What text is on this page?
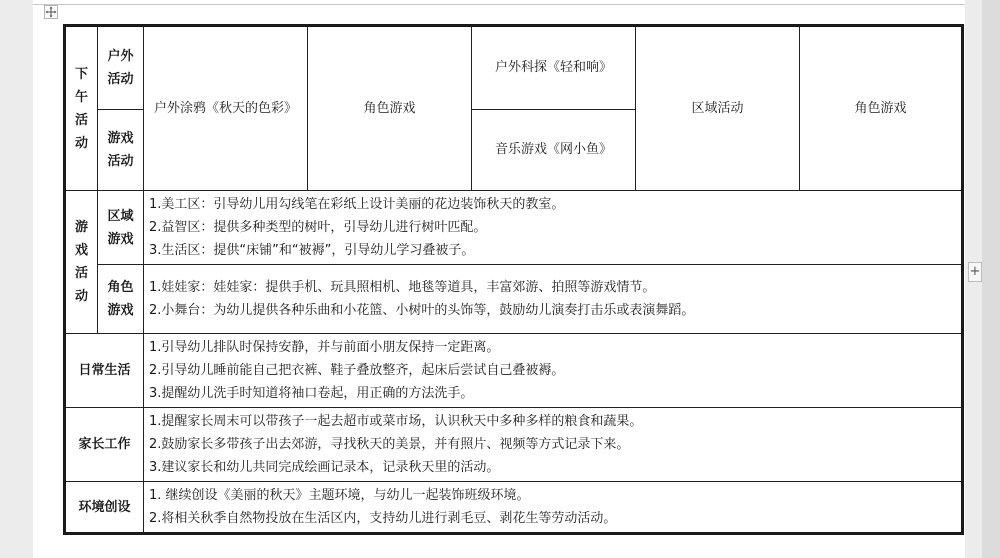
+
下午活动	户外活动	户外涂鸦《秋天的色彩》	角色游戏	户外科探《轻和响》	区域活动	角色游戏
	游戏活动			音乐游戏《网小鱼》		
游戏活动	区域游戏	1.美工区：引导幼儿用勾线笔在彩纸上设计美丽的花边装饰秋天的教室。
2.益智区：提供多种类型的树叶，引导幼儿进行树叶匹配。
3.生活区：提供“床铺”和“被褥”，引导幼儿学习叠被子。				

	角色游戏	1.娃娃家：娃娃家：提供手机、玩具照相机、地毯等道具，丰富郊游、拍照等游戏情节。
2.小舞台：为幼儿提供各种乐曲和小花篮、小树叶的头饰等，鼓励幼儿演奏打击乐或表演舞蹈。				

日常生活		1.引导幼儿排队时保持安静，并与前面小朋友保持一定距离。
2.引导幼儿睡前能自己把衣裤、鞋子叠放整齐，起床后尝试自己叠被褥。
3.提醒幼儿洗手时知道将袖口卷起，用正确的方法洗手。				

家长工作		1.提醒家长周末可以带孩子一起去超市或菜市场，认识秋天中多种多样的粮食和蔬果。
2.鼓励家长多带孩子出去郊游，寻找秋天的美景，并有照片、视频等方式记录下来。
3.建议家长和幼儿共同完成绘画记录本，记录秋天里的活动。				

环境创设		1. 继续创设《美丽的秋天》主题环境，与幼儿一起装饰班级环境。
2.将相关秋季自然物投放在生活区内，支持幼儿进行剥毛豆、剥花生等劳动活动。				
